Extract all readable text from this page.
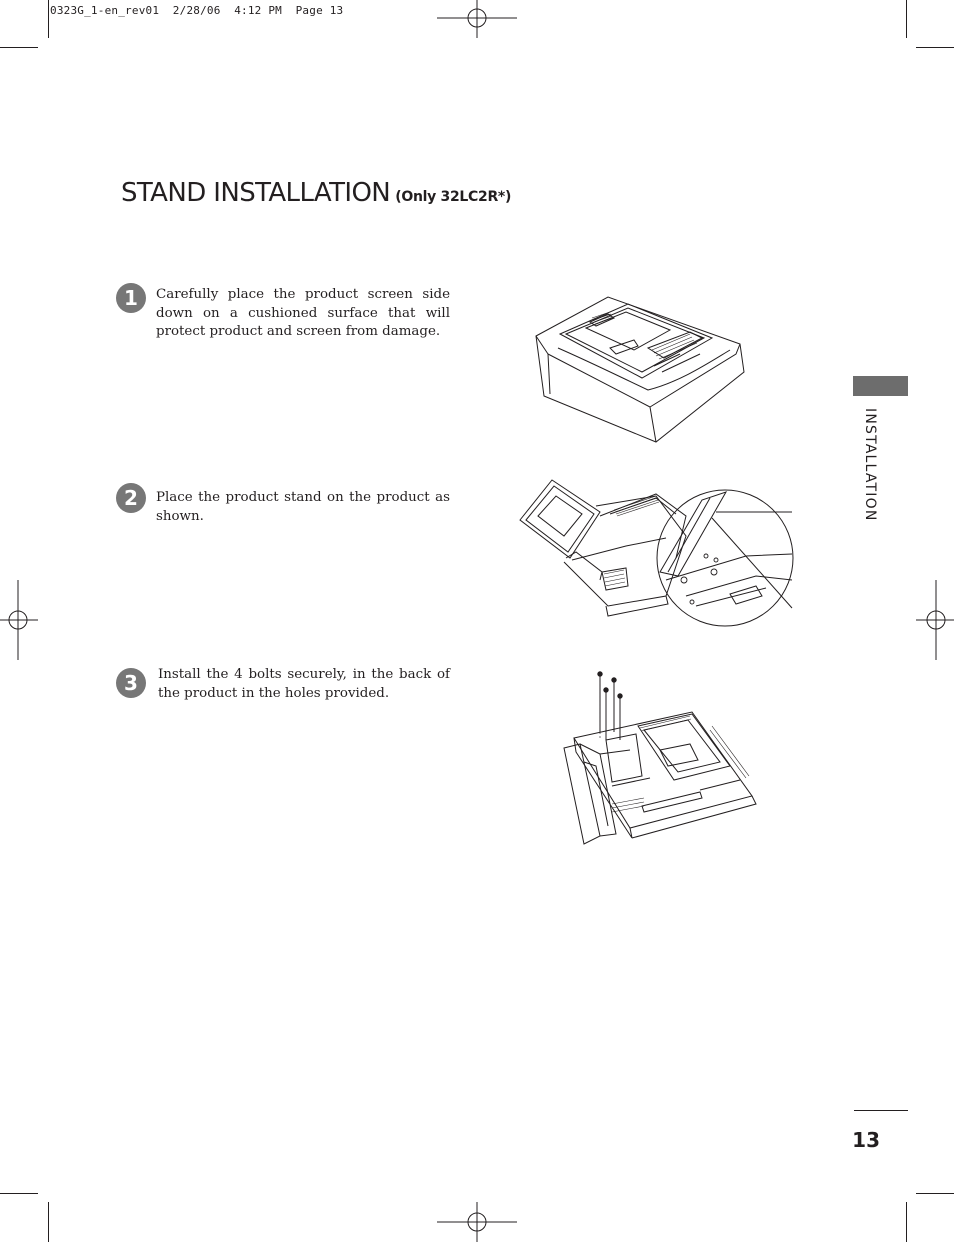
0323G_1-en_rev01  2/28/06  4:12 PM  Page 13
STAND INSTALLATION (Only 32LC2R*)
1	Carefully place the product screen side down on a cushioned surface that will protect product and screen from damage.
2	Place the product stand on the product as shown.
3	Install the 4 bolts securely, in the back of the product in the holes provided.
INSTALLATION
13
